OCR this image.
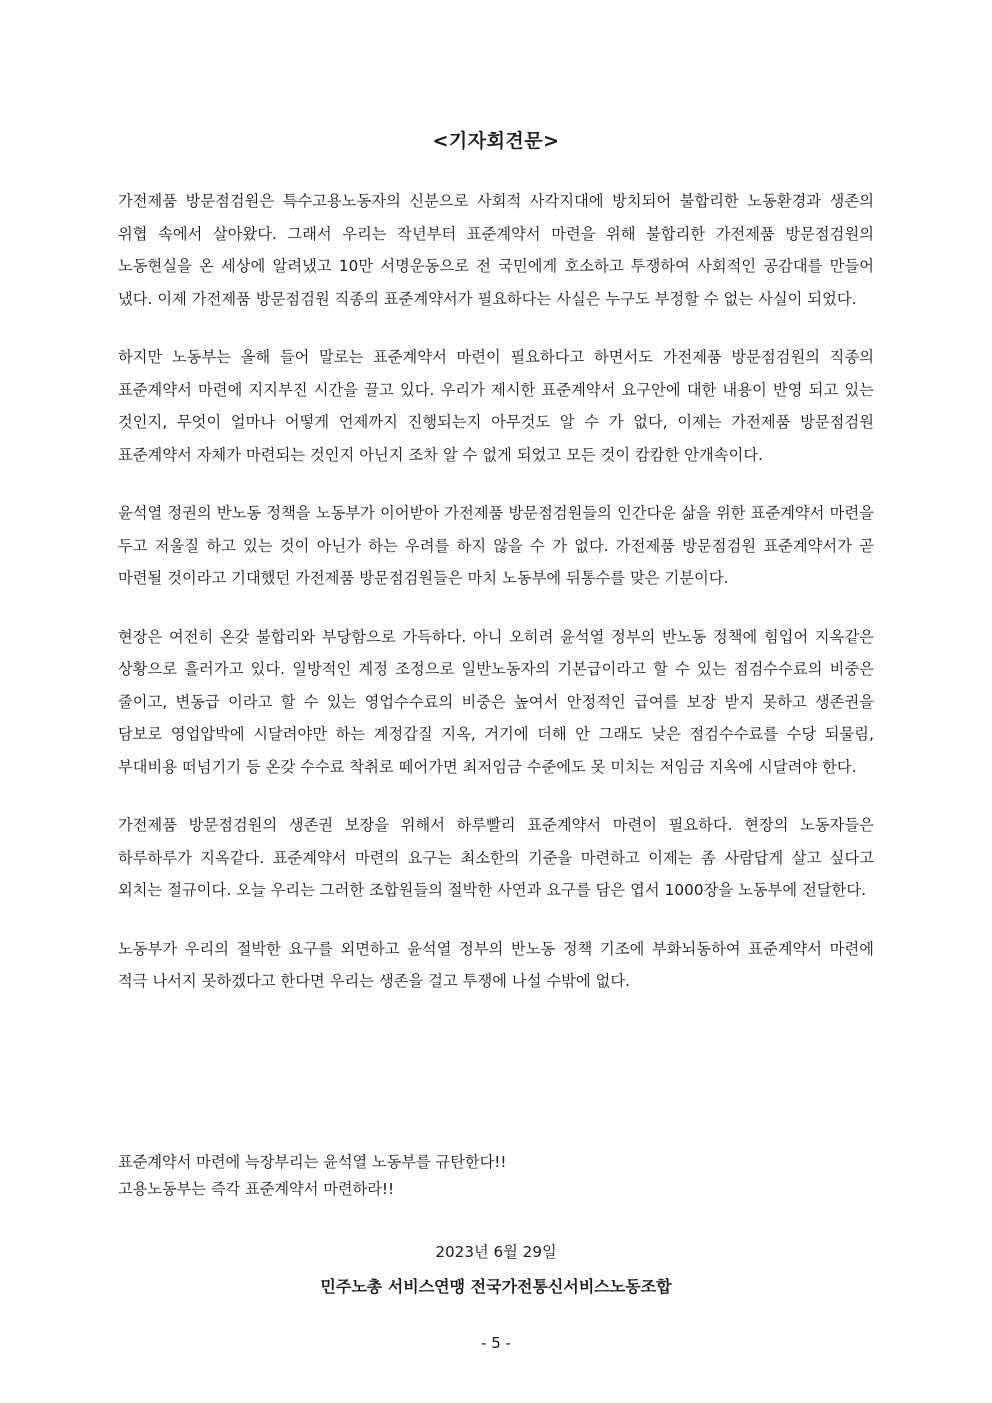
<기자회견문>

가전제품 방문점검원은 특수고용노동자의 신분으로 사회적 사각지대에 방치되어 불합리한 노동환경과 생존의 위협 속에서 살아왔다. 그래서 우리는 작년부터 표준계약서 마련을 위해 불합리한 가전제품 방문점검원의 노동현실을 온 세상에 알려냈고 10만 서명운동으로 전 국민에게 호소하고 투쟁하여 사회적인 공감대를 만들어 냈다. 이제 가전제품 방문점검원 직종의 표준계약서가 필요하다는 사실은 누구도 부정할 수 없는 사실이 되었다.

하지만 노동부는 올해 들어 말로는 표준계약서 마련이 필요하다고 하면서도 가전제품 방문점검원의 직종의 표준계약서 마련에 지지부진 시간을 끌고 있다. 우리가 제시한 표준계약서 요구안에 대한 내용이 반영 되고 있는 것인지, 무엇이 얼마나 어떻게 언제까지 진행되는지 아무것도 알 수 가 없다, 이제는 가전제품 방문점검원 표준계약서 자체가 마련되는 것인지 아닌지 조차 알 수 없게 되었고 모든 것이 캄캄한 안개속이다.

윤석열 정권의 반노동 정책을 노동부가 이어받아 가전제품 방문점검원들의 인간다운 삶을 위한 표준계약서 마련을 두고 저울질 하고 있는 것이 아닌가 하는 우려를 하지 않을 수 가 없다. 가전제품 방문점검원 표준계약서가 곧 마련될 것이라고 기대했던 가전제품 방문점검원들은 마치 노동부에 뒤통수를 맞은 기분이다.

현장은 여전히 온갖 불합리와 부당함으로 가득하다. 아니 오히려 윤석열 정부의 반노동 정책에 힘입어 지옥같은 상황으로 흘러가고 있다. 일방적인 계정 조정으로 일반노동자의 기본급이라고 할 수 있는 점검수수료의 비중은 줄이고, 변동급 이라고 할 수 있는 영업수수료의 비중은 높여서 안정적인 급여를 보장 받지 못하고 생존권을 담보로 영업압박에 시달려야만 하는 계정갑질 지옥, 거기에 더해 안 그래도 낮은 점검수수료를 수당 되물림, 부대비용 떠넘기기 등 온갖 수수료 착취로 떼어가면 최저임금 수준에도 못 미치는 저임금 지옥에 시달려야 한다.

가전제품 방문점검원의 생존권 보장을 위해서 하루빨리 표준계약서 마련이 필요하다. 현장의 노동자들은 하루하루가 지옥같다. 표준계약서 마련의 요구는 최소한의 기준을 마련하고 이제는 좀 사람답게 살고 싶다고 외치는 절규이다. 오늘 우리는 그러한 조합원들의 절박한 사연과 요구를 담은 엽서 1000장을 노동부에 전달한다.

노동부가 우리의 절박한 요구를 외면하고 윤석열 정부의 반노동 정책 기조에 부화뇌동하여 표준계약서 마련에 적극 나서지 못하겠다고 한다면 우리는 생존을 걸고 투쟁에 나설 수밖에 없다.

표준계약서 마련에 늑장부리는 윤석열 노동부를 규탄한다!!
고용노동부는 즉각 표준계약서 마련하라!!
2023년 6월 29일
민주노총 서비스연맹 전국가전통신서비스노동조합
- 5 -
